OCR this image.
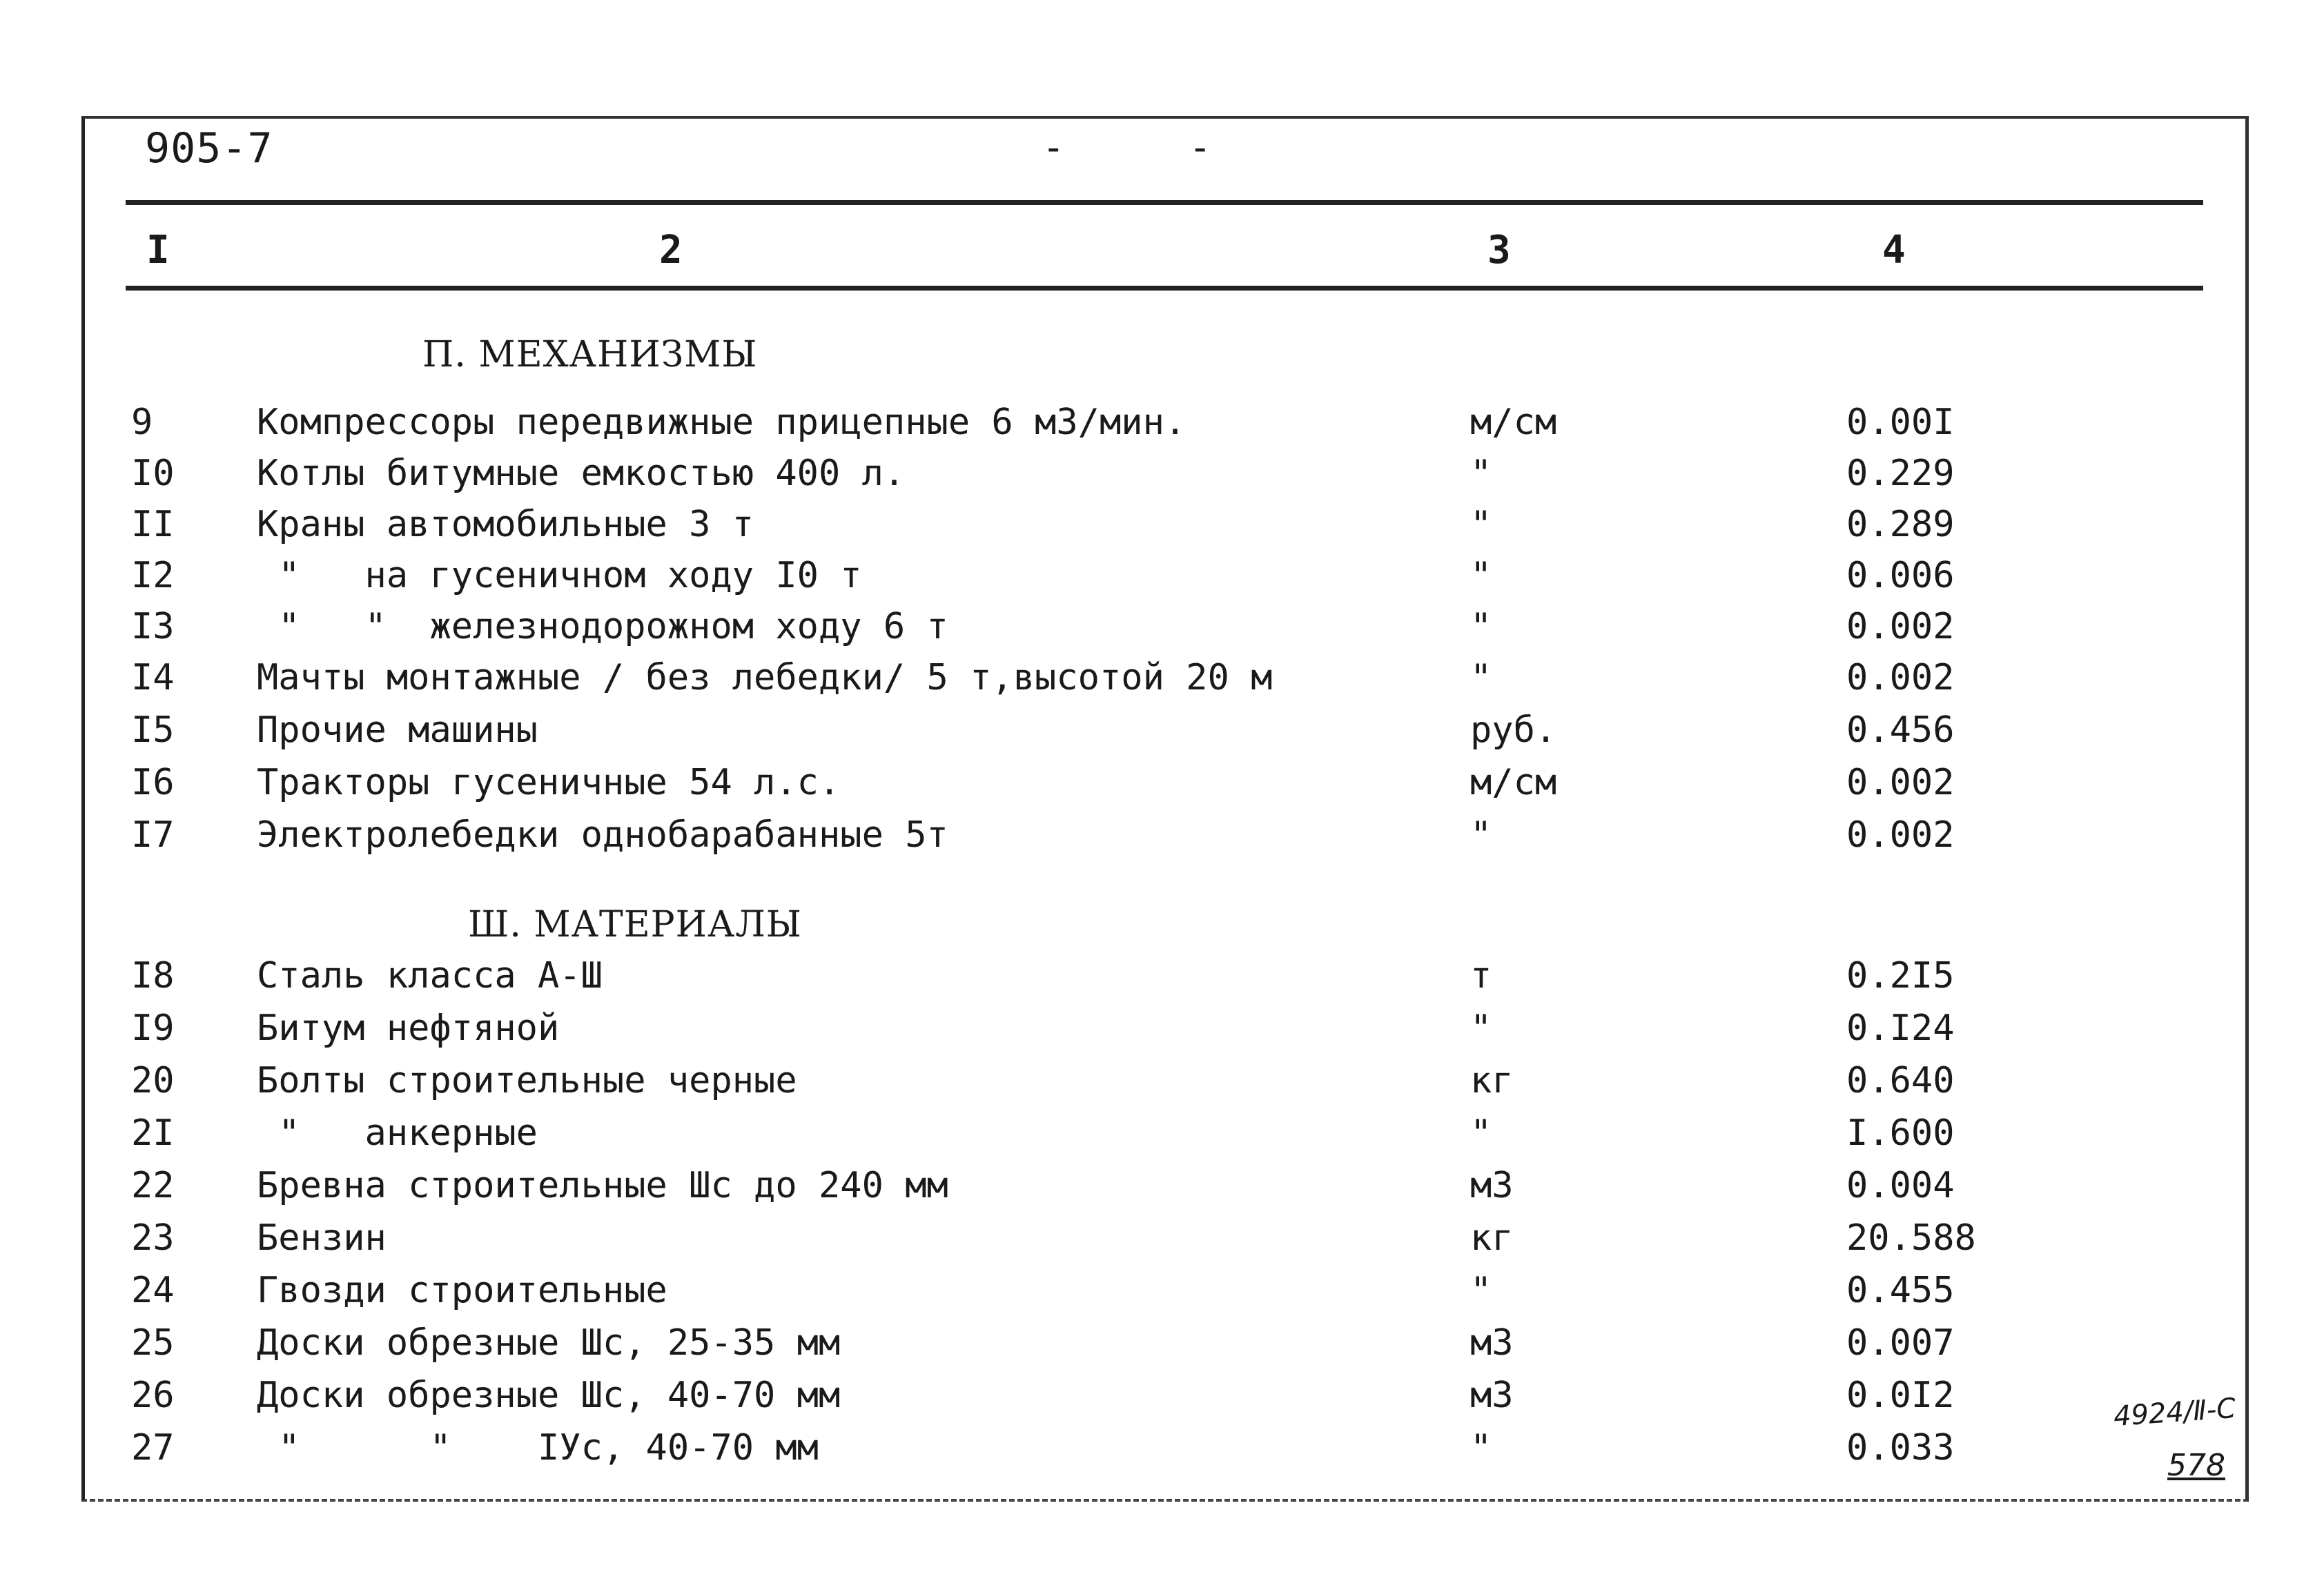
905-7	--
I	2	3	4
П. МЕХАНИЗМЫ
9	Компрессоры передвижные прицепные 6 м3/мин.	м/см	0.00I
I0 Котлы битумные емкостью 400 л.	"	0.229
II Краны автомобильные 3 т	"	0.289
I2 "   на гусеничном ходу I0 т	"	0.006
I3 "   "  железнодорожном ходу 6 т	"	0.002
I4 Мачты монтажные / без лебедки/ 5 т,высотой 20 м	"	0.002
I5 Прочие машины	руб.	0.456
I6 Тракторы гусеничные 54 л.с.	м/см	0.002
I7 Электролебедки однобарабанные 5т	"	0.002
Ш. МАТЕРИАЛЫ
I8 Сталь класса А-Ш	т	0.2I5
I9 Битум нефтяной	"	0.I24
20 Болты строительные черные	кг	0.640
2I "   анкерные	"	I.600
22 Бревна строительные Шс до 240 мм	м3	0.004
23 Бензин	кг	20.588
24 Гвозди строительные	"	0.455
25 Доски обрезные Шс, 25-35 мм	м3	0.007
26 Доски обрезные Шс, 40-70 мм	м3	0.0I2
27 "      "    IУс, 40-70 мм	"	0.033
4924/Ⅱ-С
578
